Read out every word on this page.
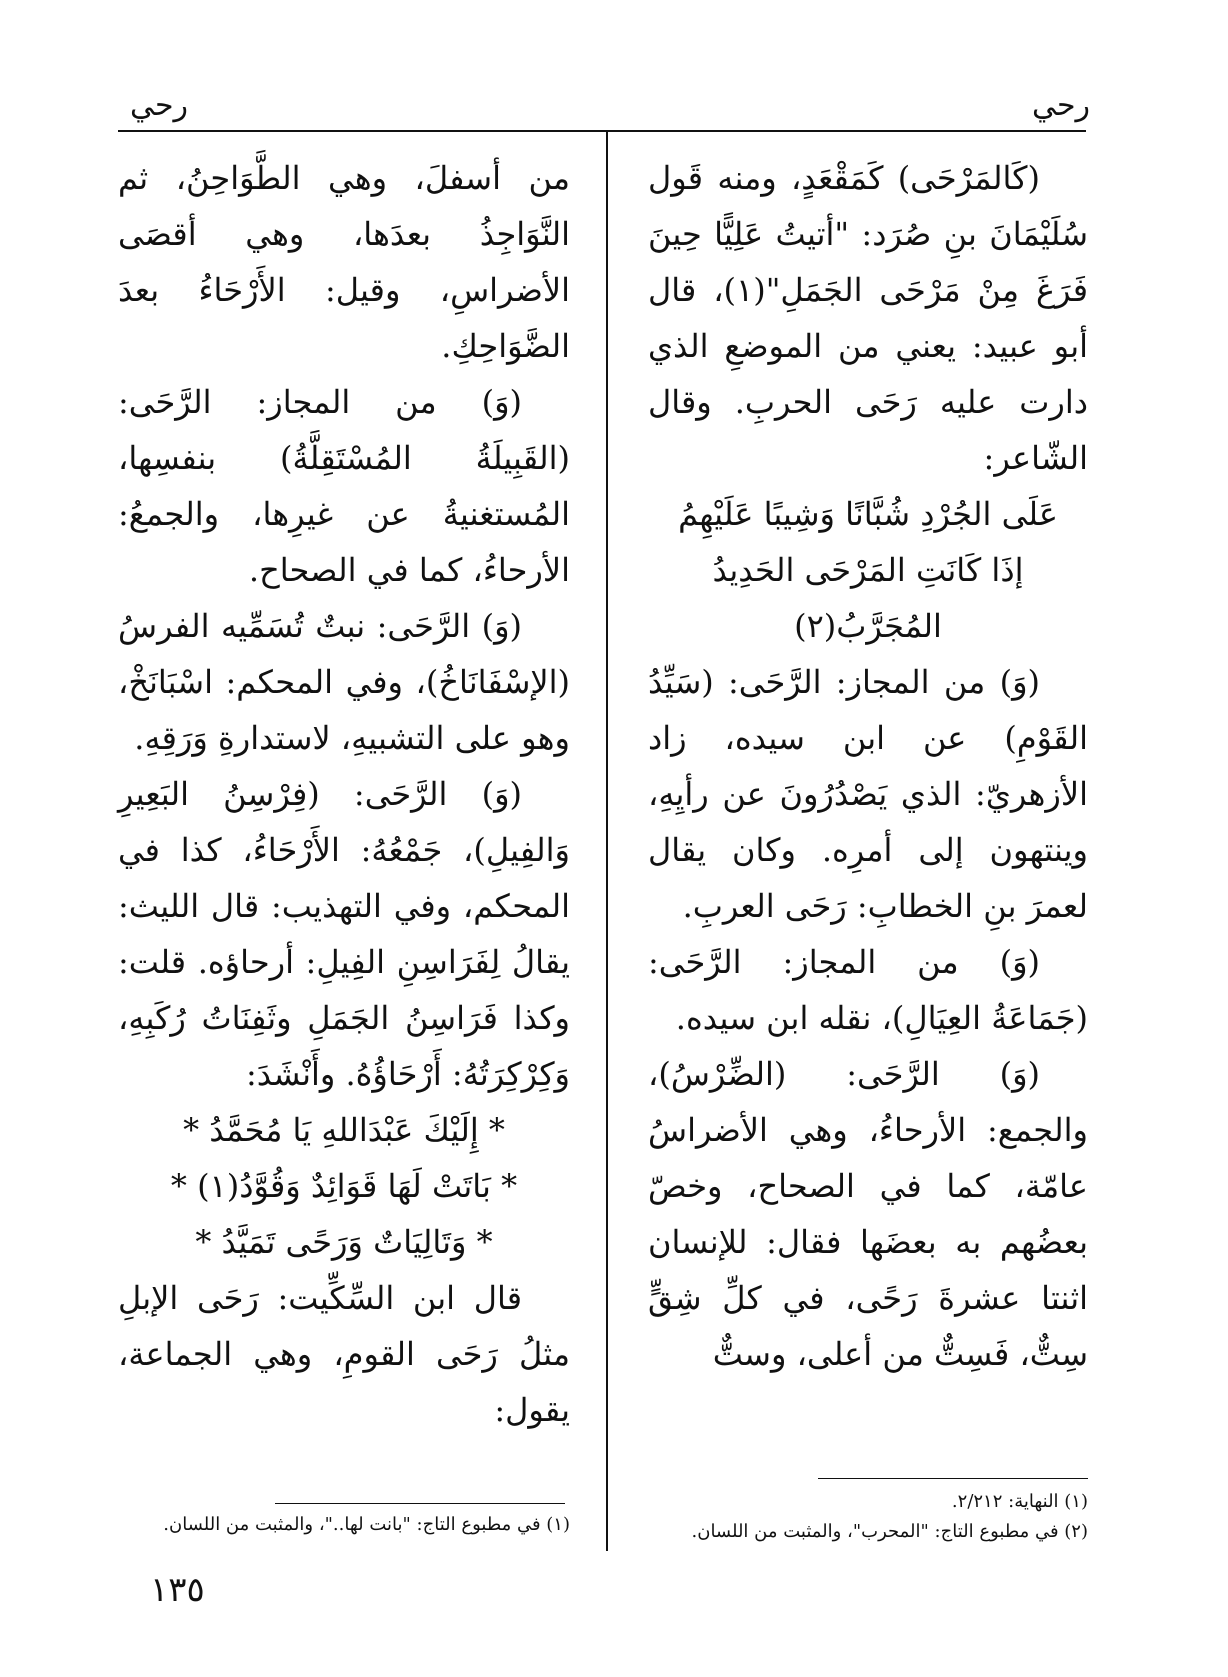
رحي
رحي

(كَالمَرْحَى) كَمَقْعَدٍ، ومنه قَول سُلَيْمَانَ بنِ صُرَد: "أتيتُ عَلِيًّا حِينَ فَرَغَ مِنْ مَرْحَى الجَمَلِ"(١)، قال أبو عبيد: يعني من الموضعِ الذي دارت عليه رَحَى الحربِ. وقال الشّاعر:

عَلَى الجُرْدِ شُبَّانًا وَشِيبًا عَلَيْهِمُ

إذَا كَانَتِ المَرْحَى الحَدِيدُ المُجَرَّبُ(٢)

(وَ) من المجاز: الرَّحَى: (سَيِّدُ القَوْمِ) عن ابن سيده، زاد الأزهريّ: الذي يَصْدُرُونَ عن رأيِهِ، وينتهون إلى أمرِه. وكان يقال لعمرَ بنِ الخطابِ: رَحَى العربِ.

(وَ) من المجاز: الرَّحَى: (جَمَاعَةُ العِيَالِ)، نقله ابن سيده.

(وَ) الرَّحَى: (الضِّرْسُ)، والجمع: الأرحاءُ، وهي الأضراسُ عامّة، كما في الصحاح، وخصّ بعضُهم به بعضَها فقال: للإنسان اثنتا عشرةَ رَحًى، في كلِّ شِقٍّ سِتٌّ، فَسِتٌّ من أعلى، وستٌّ

من أسفلَ، وهي الطَّوَاحِنُ، ثم النَّوَاجِذُ بعدَها، وهي أقصَى الأضراسِ، وقيل: الأَرْحَاءُ بعدَ الضَّوَاحِكِ.

(وَ) من المجاز: الرَّحَى: (القَبِيلَةُ المُسْتَقِلَّةُ) بنفسِها، المُستغنيةُ عن غيرِها، والجمعُ: الأرحاءُ، كما في الصحاح.

(وَ) الرَّحَى: نبتٌ تُسَمِّيه الفرسُ (الإسْفَانَاخُ)، وفي المحكم: اسْبَانَخْ، وهو على التشبيهِ، لاستدارةِ وَرَقِهِ.

(وَ) الرَّحَى: (فِرْسِنُ البَعِيرِ وَالفِيلِ)، جَمْعُهُ: الأَرْحَاءُ، كذا في المحكم، وفي التهذيب: قال الليث: يقالُ لِفَرَاسِنِ الفِيلِ: أرحاؤه. قلت: وكذا فَرَاسِنُ الجَمَلِ وثَفِنَاتُ رُكَبِهِ، وَكِرْكِرَتُهُ: أَرْحَاؤُهُ. وأَنْشَدَ:

* إِلَيْكَ عَبْدَاللهِ يَا مُحَمَّدُ *

* بَاتَتْ لَهَا قَوَائِدٌ وَقُوَّدُ(١) *

* وَتَالِيَاتٌ وَرَحًى تَمَيَّدُ *

قال ابن السِّكِّيت: رَحَى الإبلِ مثلُ رَحَى القومِ، وهي الجماعة، يقول:

(١) النهاية: ٢/٢١٢.

(٢) في مطبوع التاج: "المحرب"، والمثبت من اللسان.

(١) في مطبوع التاج: "بانت لها.."، والمثبت من اللسان.

١٣٥
